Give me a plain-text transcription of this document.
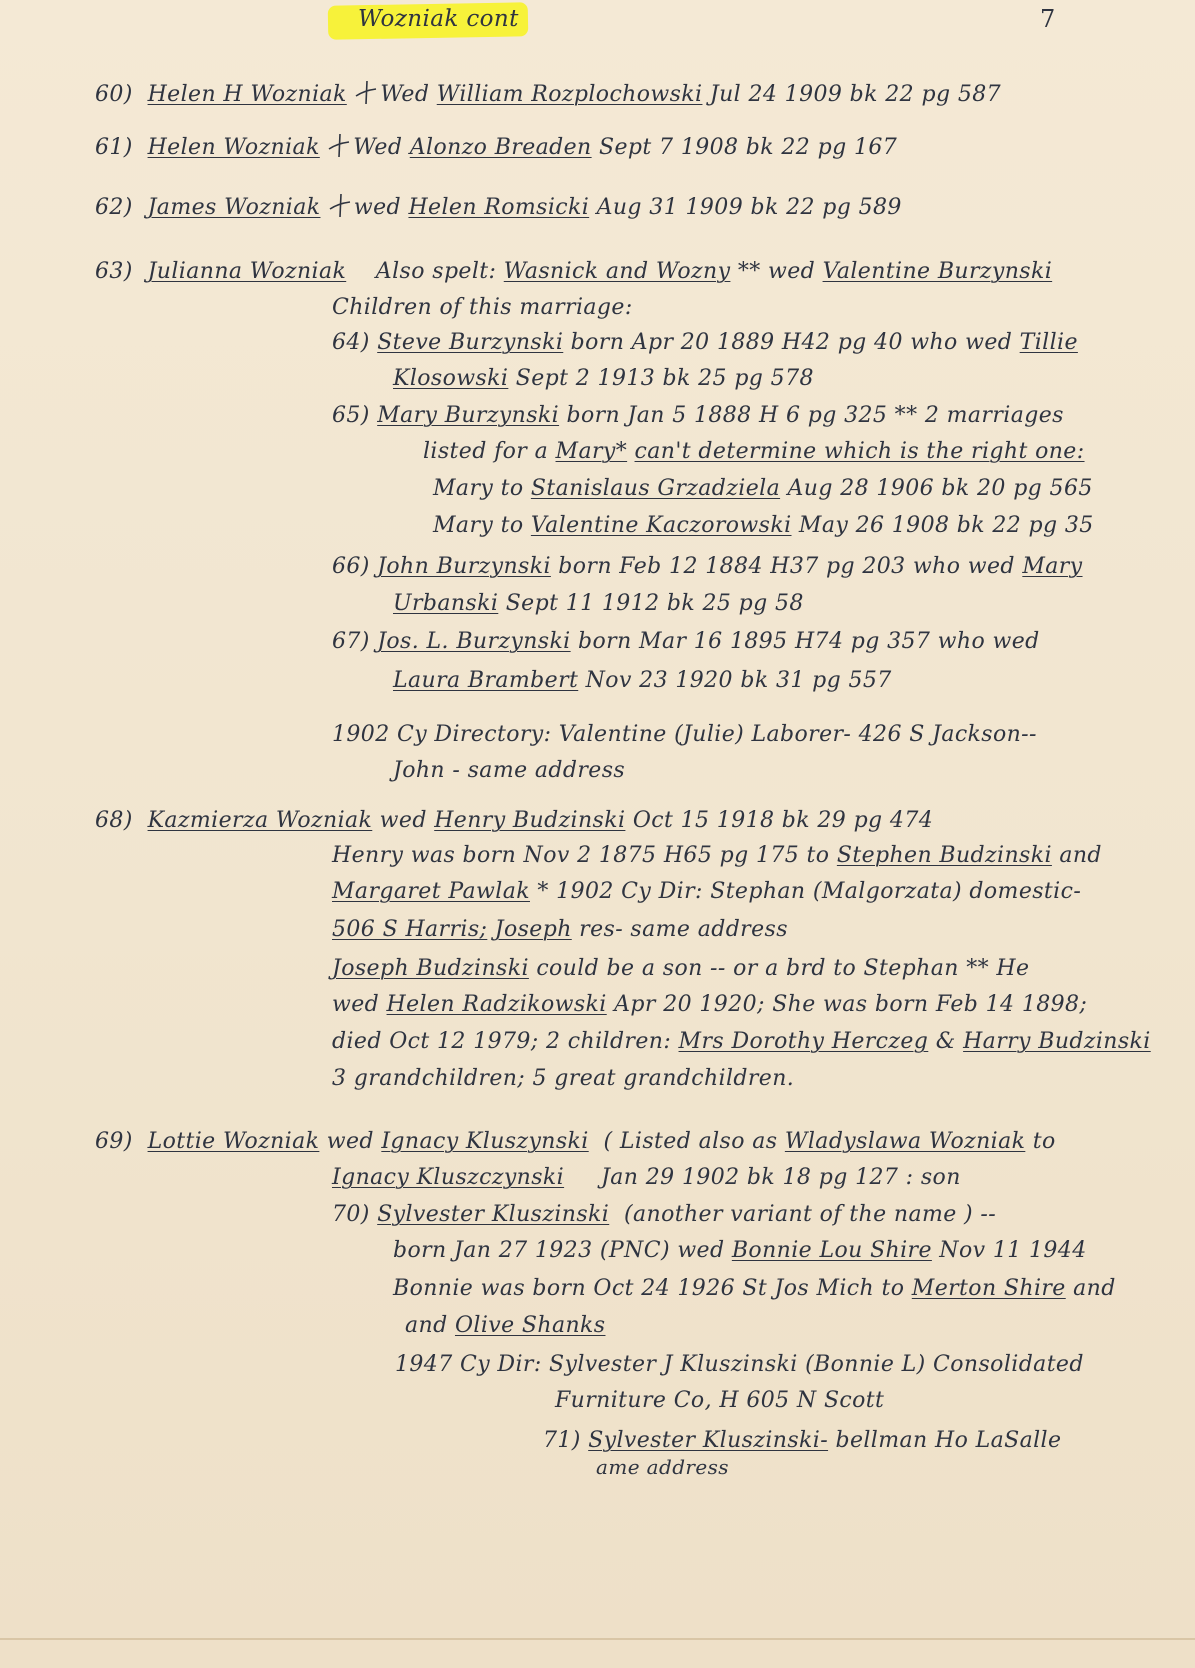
Wozniak cont	7
60) Helen H Wozniak Wed William Rozplochowski Jul 24 1909 bk 22 pg 587
61) Helen Wozniak Wed Alonzo Breaden Sept 7 1908 bk 22 pg 167
62) James Wozniak wed Helen Romsicki Aug 31 1909 bk 22 pg 589
63) Julianna Wozniak Also spelt: Wasnick and Wozny ** wed Valentine Burzynski
Children of this marriage:
64) Steve Burzynski born Apr 20 1889 H42 pg 40 who wed Tillie
Klosowski Sept 2 1913 bk 25 pg 578
65) Mary Burzynski born Jan 5 1888 H 6 pg 325 ** 2 marriages
listed for a Mary* can't determine which is the right one:
Mary to Stanislaus Grzadziela Aug 28 1906 bk 20 pg 565
Mary to Valentine Kaczorowski May 26 1908 bk 22 pg 35
66) John Burzynski born Feb 12 1884 H37 pg 203 who wed Mary
Urbanski Sept 11 1912 bk 25 pg 58
67) Jos. L. Burzynski born Mar 16 1895 H74 pg 357 who wed
Laura Brambert Nov 23 1920 bk 31 pg 557
1902 Cy Directory: Valentine (Julie) Laborer- 426 S Jackson--
John - same address
68) Kazmierza Wozniak wed Henry Budzinski Oct 15 1918 bk 29 pg 474
Henry was born Nov 2 1875 H65 pg 175 to Stephen Budzinski and
Margaret Pawlak * 1902 Cy Dir: Stephan (Malgorzata) domestic-
506 S Harris; Joseph res- same address
Joseph Budzinski could be a son -- or a brd to Stephan ** He
wed Helen Radzikowski Apr 20 1920; She was born Feb 14 1898;
died Oct 12 1979; 2 children: Mrs Dorothy Herczeg & Harry Budzinski
3 grandchildren; 5 great grandchildren.
69) Lottie Wozniak wed Ignacy Kluszynski ( Listed also as Wladyslawa Wozniak to
Ignacy Kluszczynski Jan 29 1902 bk 18 pg 127 : son
70) Sylvester Kluszinski (another variant of the name ) --
born Jan 27 1923 (PNC) wed Bonnie Lou Shire Nov 11 1944
Bonnie was born Oct 24 1926 St Jos Mich to Merton Shire and
and Olive Shanks
1947 Cy Dir: Sylvester J Kluszinski (Bonnie L) Consolidated
Furniture Co, H 605 N Scott
71) Sylvester Kluszinski- bellman Ho LaSalle
ame address
